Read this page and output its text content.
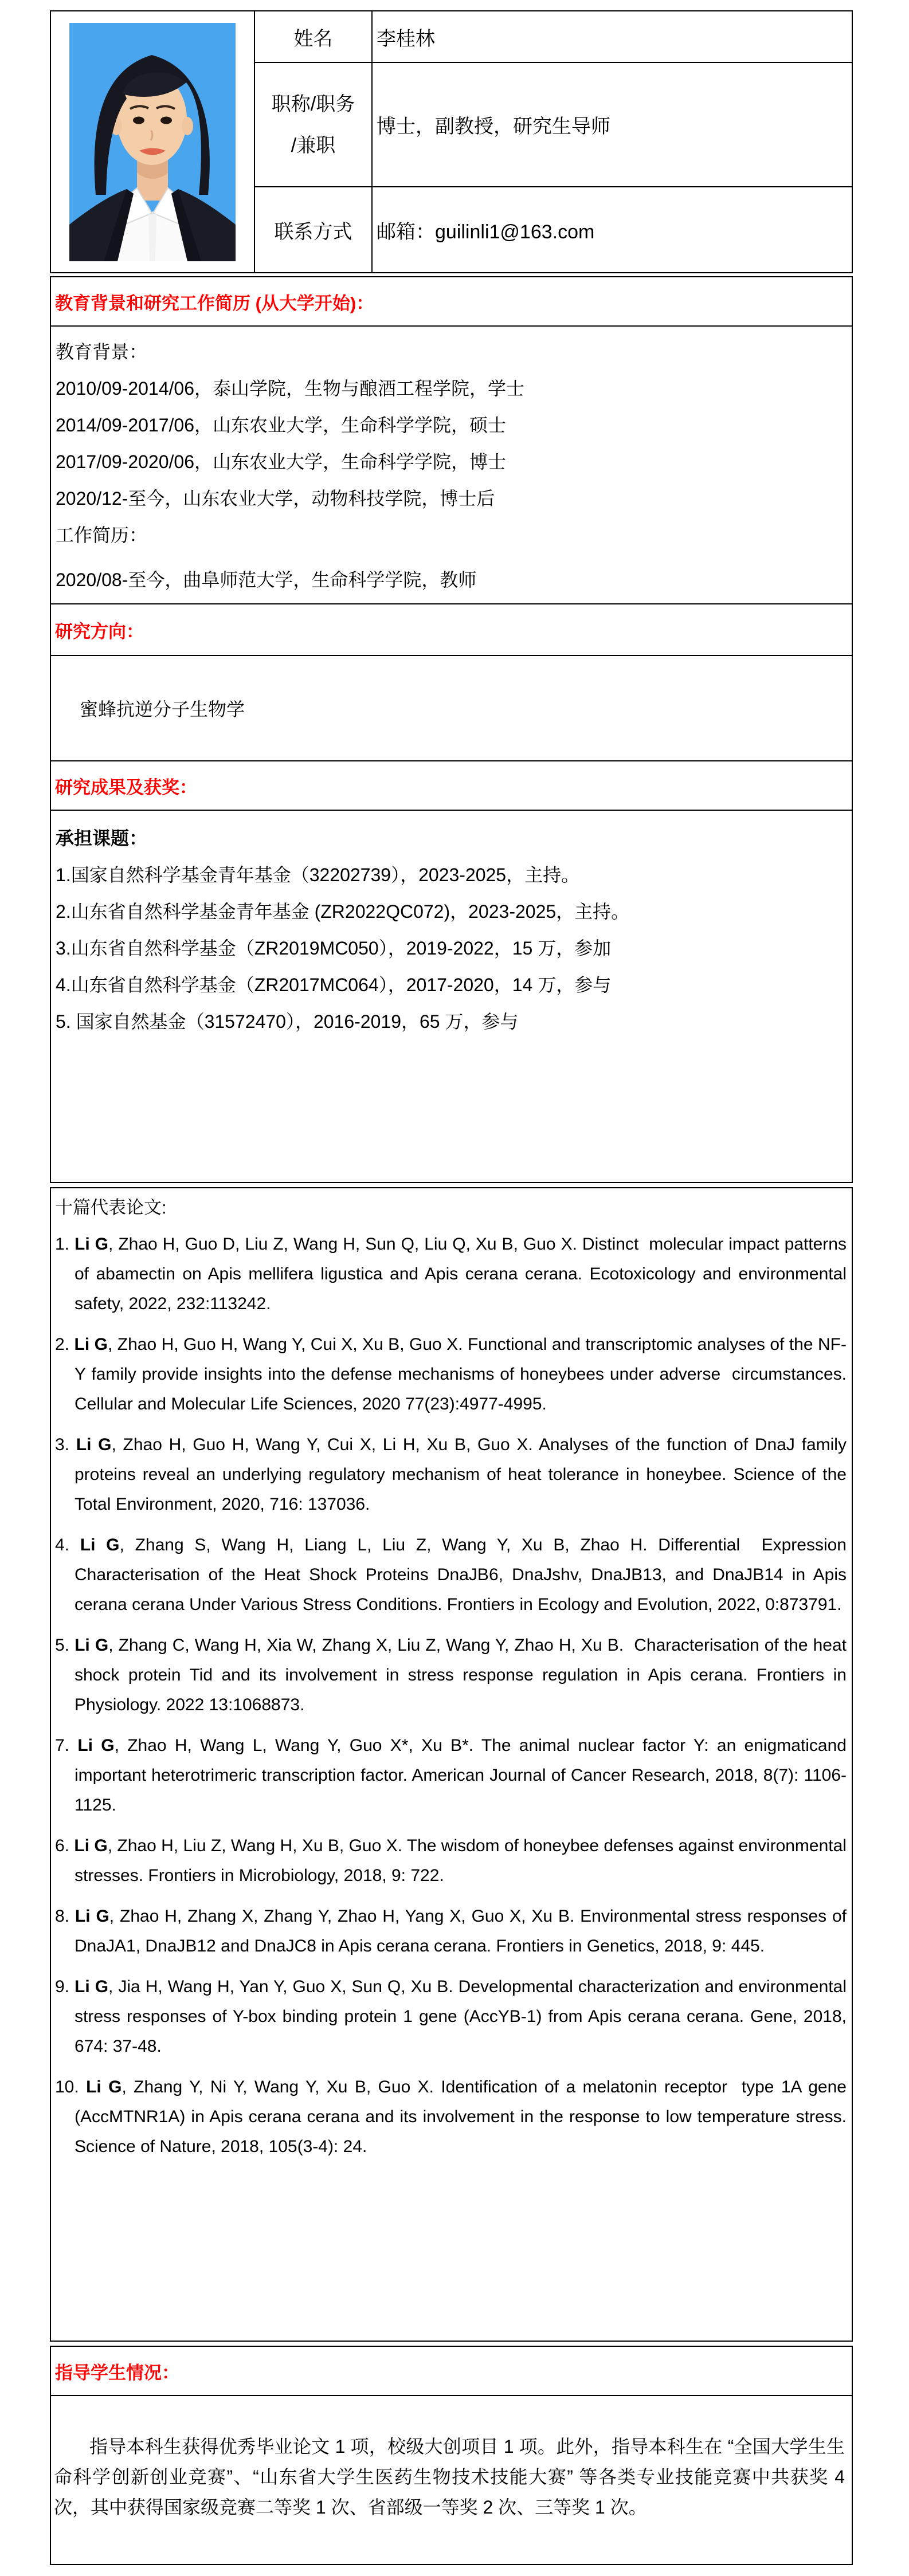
姓名 李桂林
职称/职务
/兼职
博士，副教授，研究生导师
联系方式 邮箱：guilinli1@163.com
教育背景和研究工作简历 (从大学开始)：
教育背景：
2010/09-2014/06，泰山学院，生物与酿酒工程学院，学士
2014/09-2017/06，山东农业大学，生命科学学院，硕士
2017/09-2020/06，山东农业大学，生命科学学院，博士
2020/12-至今，山东农业大学，动物科技学院，博士后
工作简历：
2020/08-至今，曲阜师范大学，生命科学学院，教师
研究方向：
蜜蜂抗逆分子生物学
研究成果及获奖：
承担课题：
1.国家自然科学基金青年基金（32202739），2023-2025，主持。
2.山东省自然科学基金青年基金 (ZR2022QC072)，2023-2025，主持。
3.山东省自然科学基金（ZR2019MC050），2019-2022，15 万，参加
4.山东省自然科学基金（ZR2017MC064），2017-2020，14 万，参与
5. 国家自然基金（31572470），2016-2019，65 万，参与
十篇代表论文:
1. Li G, Zhao H, Guo D, Liu Z, Wang H, Sun Q, Liu Q, Xu B, Guo X. Distinct  molecular impact patterns of abamectin on Apis mellifera ligustica and Apis cerana cerana. Ecotoxicology and environmental safety, 2022, 232:113242.
2. Li G, Zhao H, Guo H, Wang Y, Cui X, Xu B, Guo X. Functional and transcriptomic analyses of the NF-Y family provide insights into the defense mechanisms of honeybees under adverse  circumstances. Cellular and Molecular Life Sciences, 2020 77(23):4977-4995.
3. Li G, Zhao H, Guo H, Wang Y, Cui X, Li H, Xu B, Guo X. Analyses of the function of DnaJ family proteins reveal an underlying regulatory mechanism of heat tolerance in honeybee. Science of the Total Environment, 2020, 716: 137036.
4. Li G, Zhang S, Wang H, Liang L, Liu Z, Wang Y, Xu B, Zhao H. Differential  Expression Characterisation of the Heat Shock Proteins DnaJB6, DnaJshv, DnaJB13, and DnaJB14 in Apis cerana cerana Under Various Stress Conditions. Frontiers in Ecology and Evolution, 2022, 0:873791.
5. Li G, Zhang C, Wang H, Xia W, Zhang X, Liu Z, Wang Y, Zhao H, Xu B.  Characterisation of the heat shock protein Tid and its involvement in stress response regulation in Apis cerana. Frontiers in Physiology. 2022 13:1068873.
7. Li G, Zhao H, Wang L, Wang Y, Guo X*, Xu B*. The animal nuclear factor Y: an enigmaticand important heterotrimeric transcription factor. American Journal of Cancer Research, 2018, 8(7): 1106-1125.
6. Li G, Zhao H, Liu Z, Wang H, Xu B, Guo X. The wisdom of honeybee defenses against environmental stresses. Frontiers in Microbiology, 2018, 9: 722.
8. Li G, Zhao H, Zhang X, Zhang Y, Zhao H, Yang X, Guo X, Xu B. Environmental stress responses of DnaJA1, DnaJB12 and DnaJC8 in Apis cerana cerana. Frontiers in Genetics, 2018, 9: 445.
9. Li G, Jia H, Wang H, Yan Y, Guo X, Sun Q, Xu B. Developmental characterization and environmental stress responses of Y-box binding protein 1 gene (AccYB-1) from Apis cerana cerana. Gene, 2018, 674: 37-48.
10. Li G, Zhang Y, Ni Y, Wang Y, Xu B, Guo X. Identification of a melatonin receptor  type 1A gene (AccMTNR1A) in Apis cerana cerana and its involvement in the response to low temperature stress. Science of Nature, 2018, 105(3-4): 24.
指导学生情况：

指导本科生获得优秀毕业论文 1 项，校级大创项目 1 项。此外，指导本科生在 “全国大学生生命科学创新创业竞赛”、“山东省大学生医药生物技术技能大赛” 等各类专业技能竞赛中共获奖 4 次，其中获得国家级竞赛二等奖 1 次、省部级一等奖 2 次、三等奖 1 次。
